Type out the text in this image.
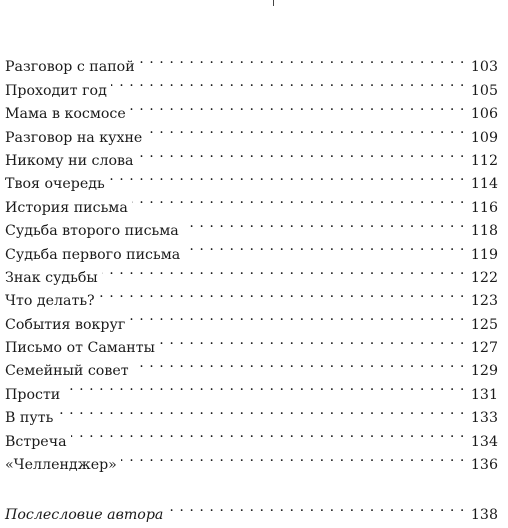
Разговор с папой . . .	103
Проходит год . . .	105
Мама в космосе . . .	106
Разговор на кухне . . .	109
Никому ни слова . . .	112
Твоя очередь . . .	114
История письма . . .	116
Судьба второго письма . . .	118
Судьба первого письма . . .	119
Знак судьбы . . .	122
Что делать? . . .	123
События вокруг . . .	125
Письмо от Саманты . . .	127
Семейный совет . . .	129
Прости . . .	131
В путь . . .	133
Встреча . . .	134
«Челленджер» . . .	136
Послесловие автора . . .	138
